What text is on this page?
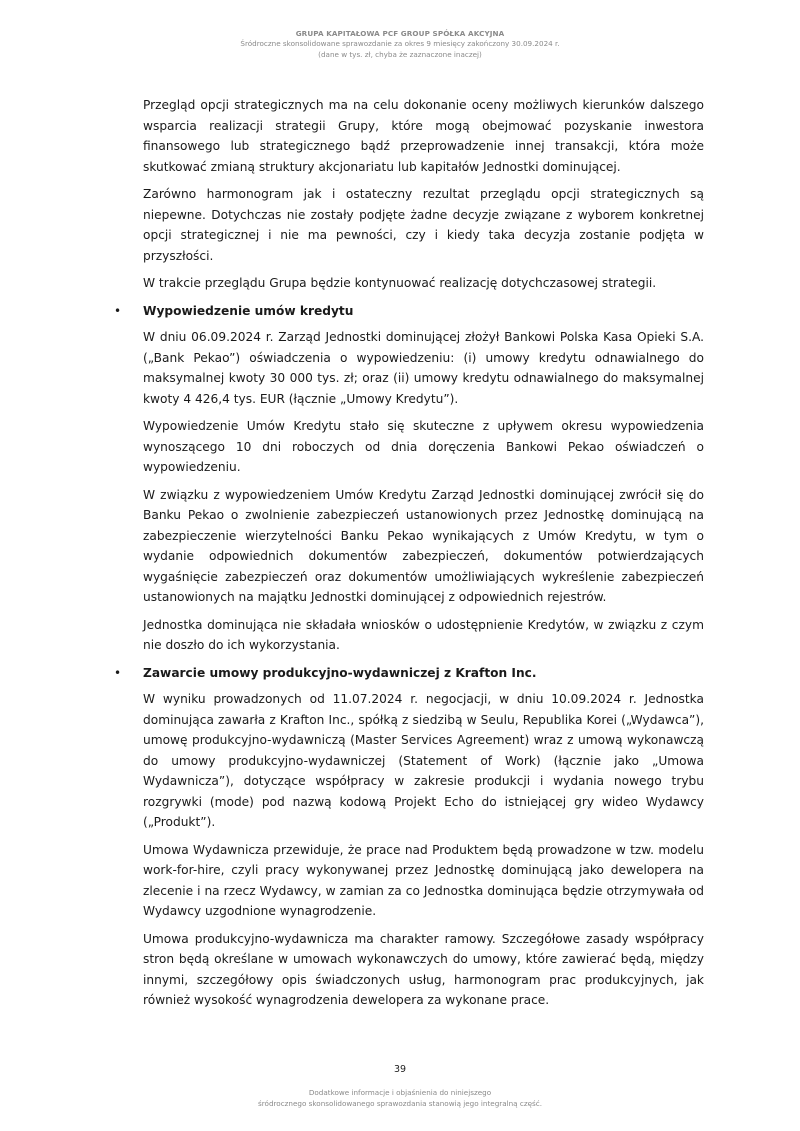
GRUPA KAPITAŁOWA PCF GROUP SPÓŁKA AKCYJNA
Śródroczne skonsolidowane sprawozdanie za okres 9 miesięcy zakończony 30.09.2024 r.
(dane w tys. zł, chyba że zaznaczone inaczej)

Przegląd opcji strategicznych ma na celu dokonanie oceny możliwych kierunków dalszego wsparcia realizacji strategii Grupy, które mogą obejmować pozyskanie inwestora finansowego lub strategicznego bądź przeprowadzenie innej transakcji, która może skutkować zmianą struktury akcjonariatu lub kapitałów Jednostki dominującej.

Zarówno harmonogram jak i ostateczny rezultat przeglądu opcji strategicznych są niepewne. Dotychczas nie zostały podjęte żadne decyzje związane z wyborem konkretnej opcji strategicznej i nie ma pewności, czy i kiedy taka decyzja zostanie podjęta w przyszłości.

W trakcie przeglądu Grupa będzie kontynuować realizację dotychczasowej strategii.

• Wypowiedzenie umów kredytu

W dniu 06.09.2024 r. Zarząd Jednostki dominującej złożył Bankowi Polska Kasa Opieki S.A. („Bank Pekao”) oświadczenia o wypowiedzeniu: (i) umowy kredytu odnawialnego do maksymalnej kwoty 30 000 tys. zł; oraz (ii) umowy kredytu odnawialnego do maksymalnej kwoty 4 426,4 tys. EUR (łącznie „Umowy Kredytu”).

Wypowiedzenie Umów Kredytu stało się skuteczne z upływem okresu wypowiedzenia wynoszącego 10 dni roboczych od dnia doręczenia Bankowi Pekao oświadczeń o wypowiedzeniu.

W związku z wypowiedzeniem Umów Kredytu Zarząd Jednostki dominującej zwrócił się do Banku Pekao o zwolnienie zabezpieczeń ustanowionych przez Jednostkę dominującą na zabezpieczenie wierzytelności Banku Pekao wynikających z Umów Kredytu, w tym o wydanie odpowiednich dokumentów zabezpieczeń, dokumentów potwierdzających wygaśnięcie zabezpieczeń oraz dokumentów umożliwiających wykreślenie zabezpieczeń ustanowionych na majątku Jednostki dominującej z odpowiednich rejestrów.

Jednostka dominująca nie składała wniosków o udostępnienie Kredytów, w związku z czym nie doszło do ich wykorzystania.

• Zawarcie umowy produkcyjno-wydawniczej z Krafton Inc.

W wyniku prowadzonych od 11.07.2024 r. negocjacji, w dniu 10.09.2024 r. Jednostka dominująca zawarła z Krafton Inc., spółką z siedzibą w Seulu, Republika Korei („Wydawca”), umowę produkcyjno-wydawniczą (Master Services Agreement) wraz z umową wykonawczą do umowy produkcyjno-wydawniczej (Statement of Work) (łącznie jako „Umowa Wydawnicza”), dotyczące współpracy w zakresie produkcji i wydania nowego trybu rozgrywki (mode) pod nazwą kodową Projekt Echo do istniejącej gry wideo Wydawcy („Produkt”).

Umowa Wydawnicza przewiduje, że prace nad Produktem będą prowadzone w tzw. modelu work-for-hire, czyli pracy wykonywanej przez Jednostkę dominującą jako dewelopera na zlecenie i na rzecz Wydawcy, w zamian za co Jednostka dominująca będzie otrzymywała od Wydawcy uzgodnione wynagrodzenie.

Umowa produkcyjno-wydawnicza ma charakter ramowy. Szczegółowe zasady współpracy stron będą określane w umowach wykonawczych do umowy, które zawierać będą, między innymi, szczegółowy opis świadczonych usług, harmonogram prac produkcyjnych, jak również wysokość wynagrodzenia dewelopera za wykonane prace.

39
Dodatkowe informacje i objaśnienia do niniejszego
śródrocznego skonsolidowanego sprawozdania stanowią jego integralną część.
